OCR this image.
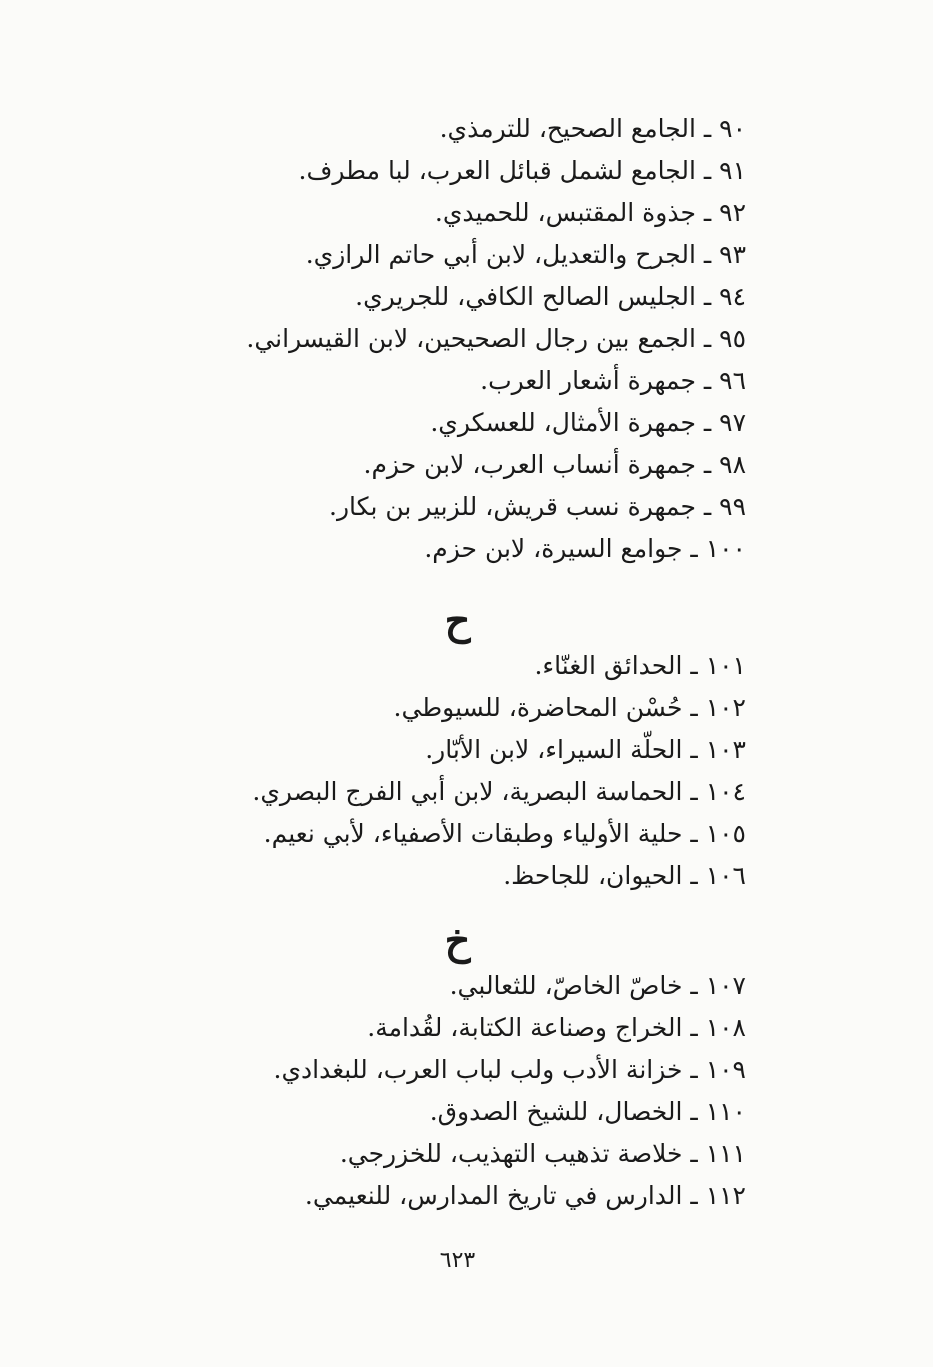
٩٠ ـ الجامع الصحيح، للترمذي.
٩١ ـ الجامع لشمل قبائل العرب، لبا مطرف.
٩٢ ـ جذوة المقتبس، للحميدي.
٩٣ ـ الجرح والتعديل، لابن أبي حاتم الرازي.
٩٤ ـ الجليس الصالح الكافي، للجريري.
٩٥ ـ الجمع بين رجال الصحيحين، لابن القيسراني.
٩٦ ـ جمهرة أشعار العرب.
٩٧ ـ جمهرة الأمثال، للعسكري.
٩٨ ـ جمهرة أنساب العرب، لابن حزم.
٩٩ ـ جمهرة نسب قريش، للزبير بن بكار.
١٠٠ ـ جوامع السيرة، لابن حزم.
ح
١٠١ ـ الحدائق الغنّاء.
١٠٢ ـ حُسْن المحاضرة، للسيوطي.
١٠٣ ـ الحلّة السيراء، لابن الأبّار.
١٠٤ ـ الحماسة البصرية، لابن أبي الفرج البصري.
١٠٥ ـ حلية الأولياء وطبقات الأصفياء، لأبي نعيم.
١٠٦ ـ الحيوان، للجاحظ.
خ
١٠٧ ـ خاصّ الخاصّ، للثعالبي.
١٠٨ ـ الخراج وصناعة الكتابة، لقُدامة.
١٠٩ ـ خزانة الأدب ولب لباب العرب، للبغدادي.
١١٠ ـ الخصال، للشيخ الصدوق.
١١١ ـ خلاصة تذهيب التهذيب، للخزرجي.
١١٢ ـ الدارس في تاريخ المدارس، للنعيمي.
٦٢٣
